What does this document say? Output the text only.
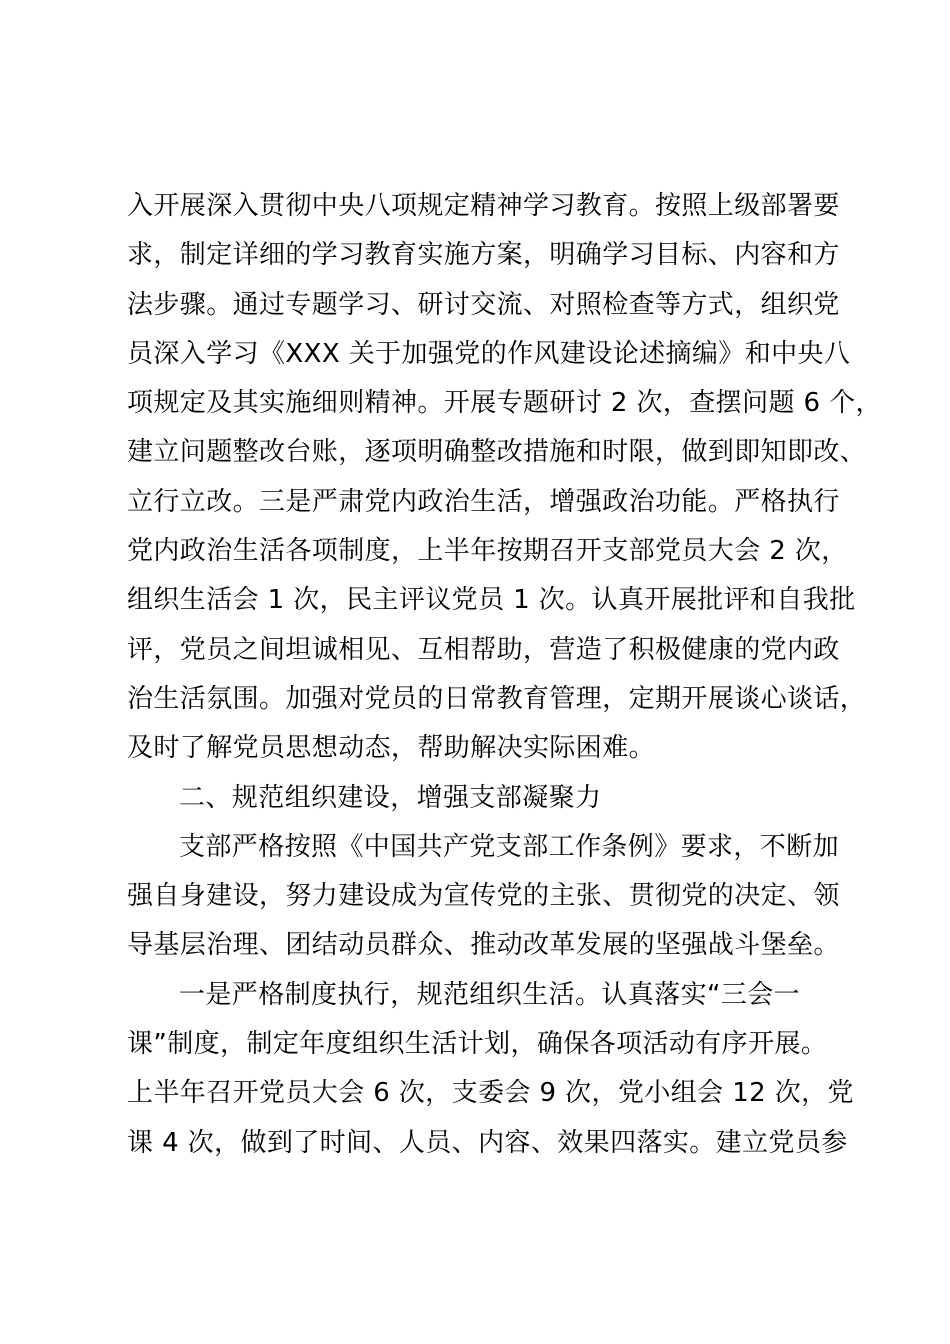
入开展深入贯彻中央八项规定精神学习教育。按照上级部署要
求，制定详细的学习教育实施方案，明确学习目标、内容和方
法步骤。通过专题学习、研讨交流、对照检查等方式，组织党
员深入学习《XXX 关于加强党的作风建设论述摘编》和中央八
项规定及其实施细则精神。开展专题研讨 2 次，查摆问题 6 个，
建立问题整改台账，逐项明确整改措施和时限，做到即知即改、
立行立改。三是严肃党内政治生活，增强政治功能。严格执行
党内政治生活各项制度，上半年按期召开支部党员大会 2 次，
组织生活会 1 次，民主评议党员 1 次。认真开展批评和自我批
评，党员之间坦诚相见、互相帮助，营造了积极健康的党内政
治生活氛围。加强对党员的日常教育管理，定期开展谈心谈话，
及时了解党员思想动态，帮助解决实际困难。
二、规范组织建设，增强支部凝聚力
支部严格按照《中国共产党支部工作条例》要求，不断加
强自身建设，努力建设成为宣传党的主张、贯彻党的决定、领
导基层治理、团结动员群众、推动改革发展的坚强战斗堡垒。
一是严格制度执行，规范组织生活。认真落实“三会一
课”制度，制定年度组织生活计划，确保各项活动有序开展。
上半年召开党员大会 6 次，支委会 9 次，党小组会 12 次，党
课 4 次，做到了时间、人员、内容、效果四落实。建立党员参
